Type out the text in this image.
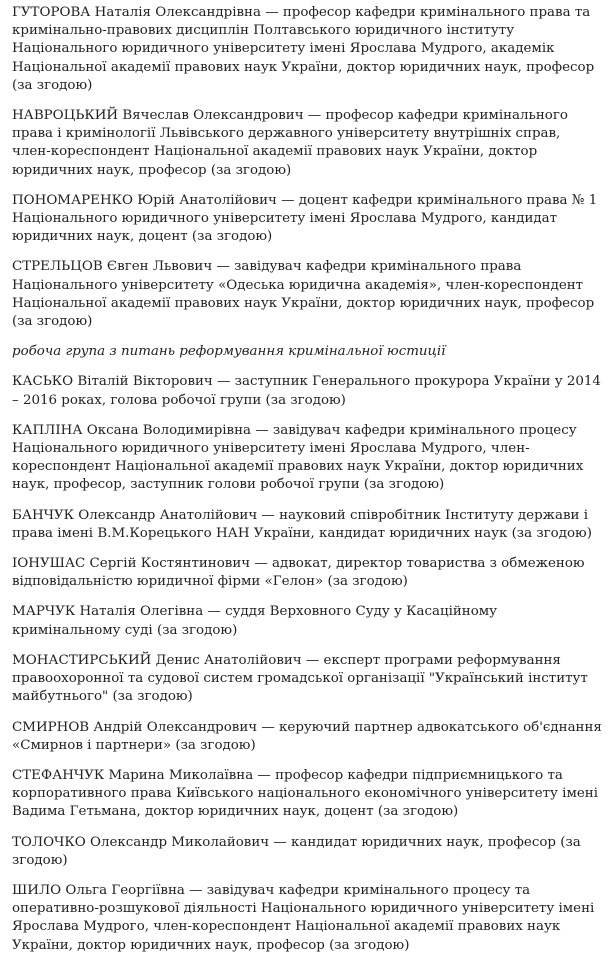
ГУТОРОВА Наталія Олександрівна — професор кафедри кримінального права та кримінально-правових дисциплін Полтавського юридичного інституту Національного юридичного університету імені Ярослава Мудрого, академік Національної академії правових наук України, доктор юридичних наук, професор (за згодою)

НАВРОЦЬКИЙ Вячеслав Олександрович — професор кафедри кримінального права і кримінології Львівського державного університету внутрішніх справ, член-кореспондент Національної академії правових наук України, доктор юридичних наук, професор (за згодою)

ПОНОМАРЕНКО Юрій Анатолійович — доцент кафедри кримінального права № 1 Національного юридичного університету імені Ярослава Мудрого, кандидат юридичних наук, доцент (за згодою)

СТРЕЛЬЦОВ Євген Львович — завідувач кафедри кримінального права Національного університету «Одеська юридична академія», член-кореспондент Національної академії правових наук України, доктор юридичних наук, професор (за згодою)

робоча група з питань реформування кримінальної юстиції

КАСЬКО Віталій Вікторович — заступник Генерального прокурора України у 2014 – 2016 роках, голова робочої групи (за згодою)

КАПЛІНА Оксана Володимирівна — завідувач кафедри кримінального процесу Національного юридичного університету імені Ярослава Мудрого, член-кореспондент Національної академії правових наук України, доктор юридичних наук, професор, заступник голови робочої групи (за згодою)

БАНЧУК Олександр Анатолійович — науковий співробітник Інституту держави і права імені В.М.Корецького НАН України, кандидат юридичних наук (за згодою)

ІОНУШАС Сергій Костянтинович — адвокат, директор товариства з обмеженою відповідальністю юридичної фірми «Гелон» (за згодою)

МАРЧУК Наталія Олегівна — суддя Верховного Суду у Касаційному кримінальному суді (за згодою)

МОНАСТИРСЬКИЙ Денис Анатолійович — експерт програми реформування правоохоронної та судової систем громадської організації "Український інститут майбутнього" (за згодою)

СМИРНОВ Андрій Олександрович — керуючий партнер адвокатського об'єднання «Смирнов і партнери» (за згодою)

СТЕФАНЧУК Марина Миколаївна — професор кафедри підприємницького та корпоративного права Київського національного економічного університету імені Вадима Гетьмана, доктор юридичних наук, доцент (за згодою)

ТОЛОЧКО Олександр Миколайович — кандидат юридичних наук, професор (за згодою)

ШИЛО Ольга Георгіївна — завідувач кафедри кримінального процесу та оперативно-розшукової діяльності Національного юридичного університету імені Ярослава Мудрого, член-кореспондент Національної академії правових наук України, доктор юридичних наук, професор (за згодою)
